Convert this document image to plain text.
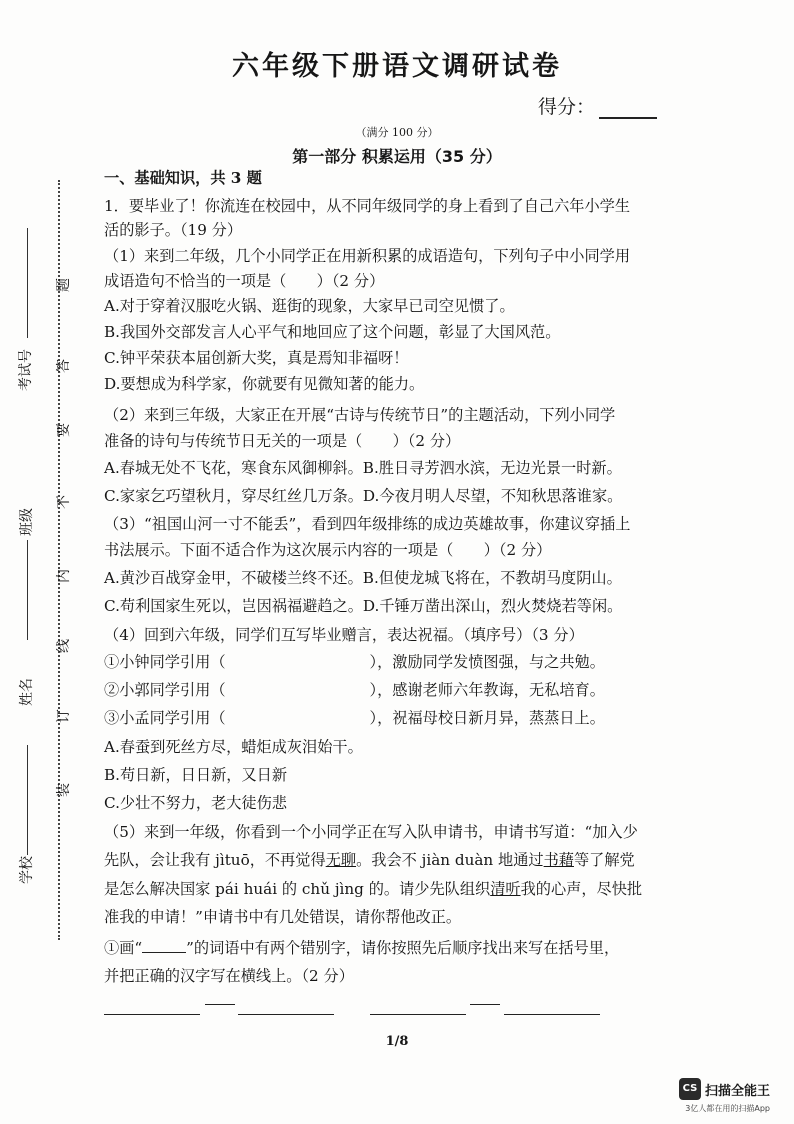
六年级下册语文调研试卷
得分：
（满分 100 分）
第一部分 积累运用（35 分）
考试号
班级
姓名
学校
题
答
要
不
内
线
订
装
一、基础知识，共 3 题
1．要毕业了！你流连在校园中，从不同年级同学的身上看到了自己六年小学生
活的影子。（19 分）
（1）来到二年级，几个小同学正在用新积累的成语造句，下列句子中小同学用
成语造句不恰当的一项是（　　）（2 分）
A.对于穿着汉服吃火锅、逛街的现象，大家早已司空见惯了。
B.我国外交部发言人心平气和地回应了这个问题，彰显了大国风范。
C.钟平荣获本届创新大奖，真是焉知非福呀！
D.要想成为科学家，你就要有见微知著的能力。
（2）来到三年级，大家正在开展“古诗与传统节日”的主题活动，下列小同学
准备的诗句与传统节日无关的一项是（　　）（2 分）
A.春城无处不飞花，寒食东风御柳斜。B.胜日寻芳泗水滨，无边光景一时新。
C.家家乞巧望秋月，穿尽红丝几万条。D.今夜月明人尽望，不知秋思落谁家。
（3）“祖国山河一寸不能丢”，看到四年级排练的成边英雄故事，你建议穿插上
书法展示。下面不适合作为这次展示内容的一项是（　　）（2 分）
A.黄沙百战穿金甲，不破楼兰终不还。B.但使龙城飞将在，不教胡马度阴山。
C.苟利国家生死以，岂因祸福避趋之。D.千锤万凿出深山，烈火焚烧若等闲。
（4）回到六年级，同学们互写毕业赠言，表达祝福。（填序号）（3 分）
①小钟同学引用（	），激励同学发愤图强，与之共勉。
②小郭同学引用（	），感谢老师六年教诲，无私培育。
③小孟同学引用（	），祝福母校日新月异，蒸蒸日上。
A.春蚕到死丝方尽，蜡炬成灰泪始干。
B.苟日新，日日新，又日新
C.少壮不努力，老大徒伤悲
（5）来到一年级，你看到一个小同学正在写入队申请书，申请书写道：“加入少
先队，会让我有 jìtuō，不再觉得无聊。我会不 jiàn duàn 地通过书藉等了解党
是怎么解决国家 pái huái 的 chǔ jìng 的。请少先队组织清听我的心声，尽快批
准我的申请！”申请书中有几处错误，请你帮他改正。
①画“	”的词语中有两个错别字，请你按照先后顺序找出来写在括号里，
并把正确的汉字写在横线上。（2 分）
1/8
CS 扫描全能王
3亿人都在用的扫描App
